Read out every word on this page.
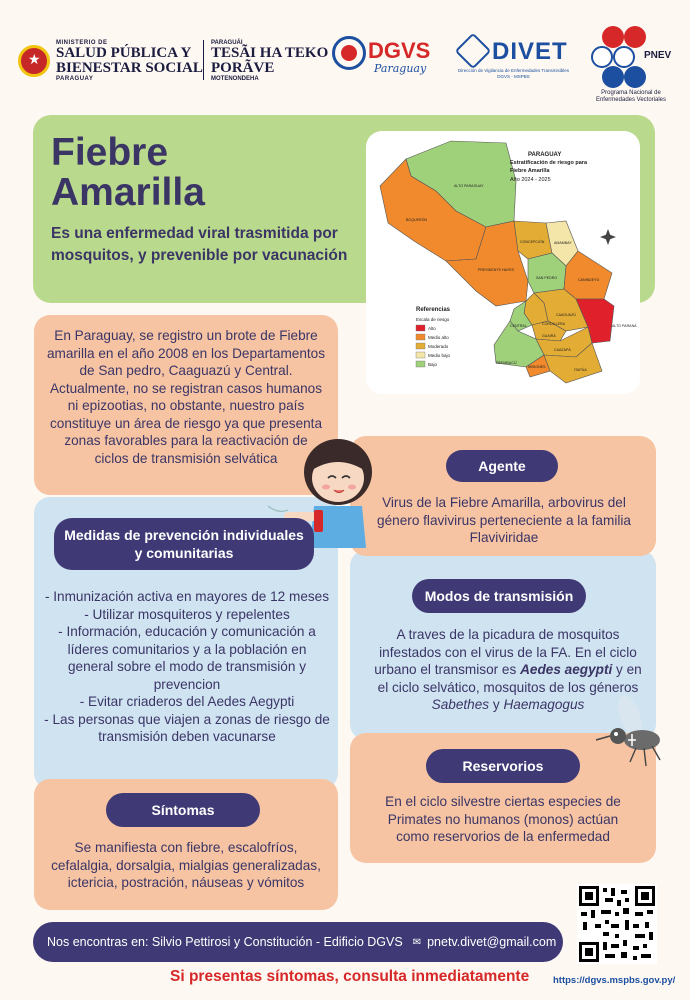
★
MINISTERIO DE
SALUD PÚBLICA Y
BIENESTAR SOCIAL
PARAGUAY
PARAGUÁI
TESÃI HA TEKO
PORÃVE
MOTENONDEHA
DGVS
Paraguay
DIVET
Dirección de Vigilancia de Enfermedades Transmisibles
DGVS - MSPBS
PNEV
Programa Nacional de
Enfermedades Vectoriales
Fiebre
Amarilla
Es una enfermedad viral trasmitida por mosquitos, y prevenible por vacunación
PARAGUAY
Estratificación de riesgo para
Fiebre Amarilla
Año 2024 - 2025
ALTO PARAGUAY
BOQUERÓN
PRESIDENTE HAYES
CONCEPCIÓN	AMAMBAY
SAN PEDRO	CANINDEYÚ
CAAGUAZÚ
CORDILLERA	ALTO PARANÁ
CENTRAL
GUAIRÁ
CAAZAPÁ
ÑEEMBUCÚ
MISIONES
ITAPÚA
Referencias
Escala de riesgo
Alto
Medio alto
Moderado
Medio bajo
Bajo

En Paraguay, se registro un brote de Fiebre amarilla en el año 2008 en los Departamentos de San pedro, Caaguazú y Central. Actualmente, no se registran casos humanos ni epizootias, no obstante, nuestro país constituye un área de riesgo ya que presenta zonas favorables para la reactivación de ciclos de transmisión selvática	Agente
Virus de la Fiebre Amarilla, arbovirus del género flavivirus perteneciente a la familia Flaviviridae
Medidas de prevención individuales y comunitarias
- Inmunización activa en mayores de 12 meses
- Utilizar mosquiteros y repelentes
- Información, educación y comunicación a líderes comunitarios y a la población en general sobre el modo de transmisión y prevencion
- Evitar criaderos del Aedes Aegypti
- Las personas que viajen a zonas de riesgo de transmisión deben vacunarse
Modos de transmisión
A traves de la picadura de mosquitos infestados con el virus de la FA. En el ciclo urbano el transmisor es Aedes aegypti y en el ciclo selvático, mosquitos de los géneros Sabethes y Haemagogus
Reservorios
En el ciclo silvestre ciertas especies de Primates no humanos (monos) actúan como reservorios de la enfermedad
Síntomas
Se manifiesta con fiebre, escalofríos, cefalalgia, dorsalgia, mialgias generalizadas, ictericia, postración, náuseas y vómitos
Nos encontras en: Silvio Pettirosi y Constitución - Edificio DGVS ✉ pnetv.divet@gmail.com
Si presentas síntomas, consulta inmediatamente	https://dgvs.mspbs.gov.py/
